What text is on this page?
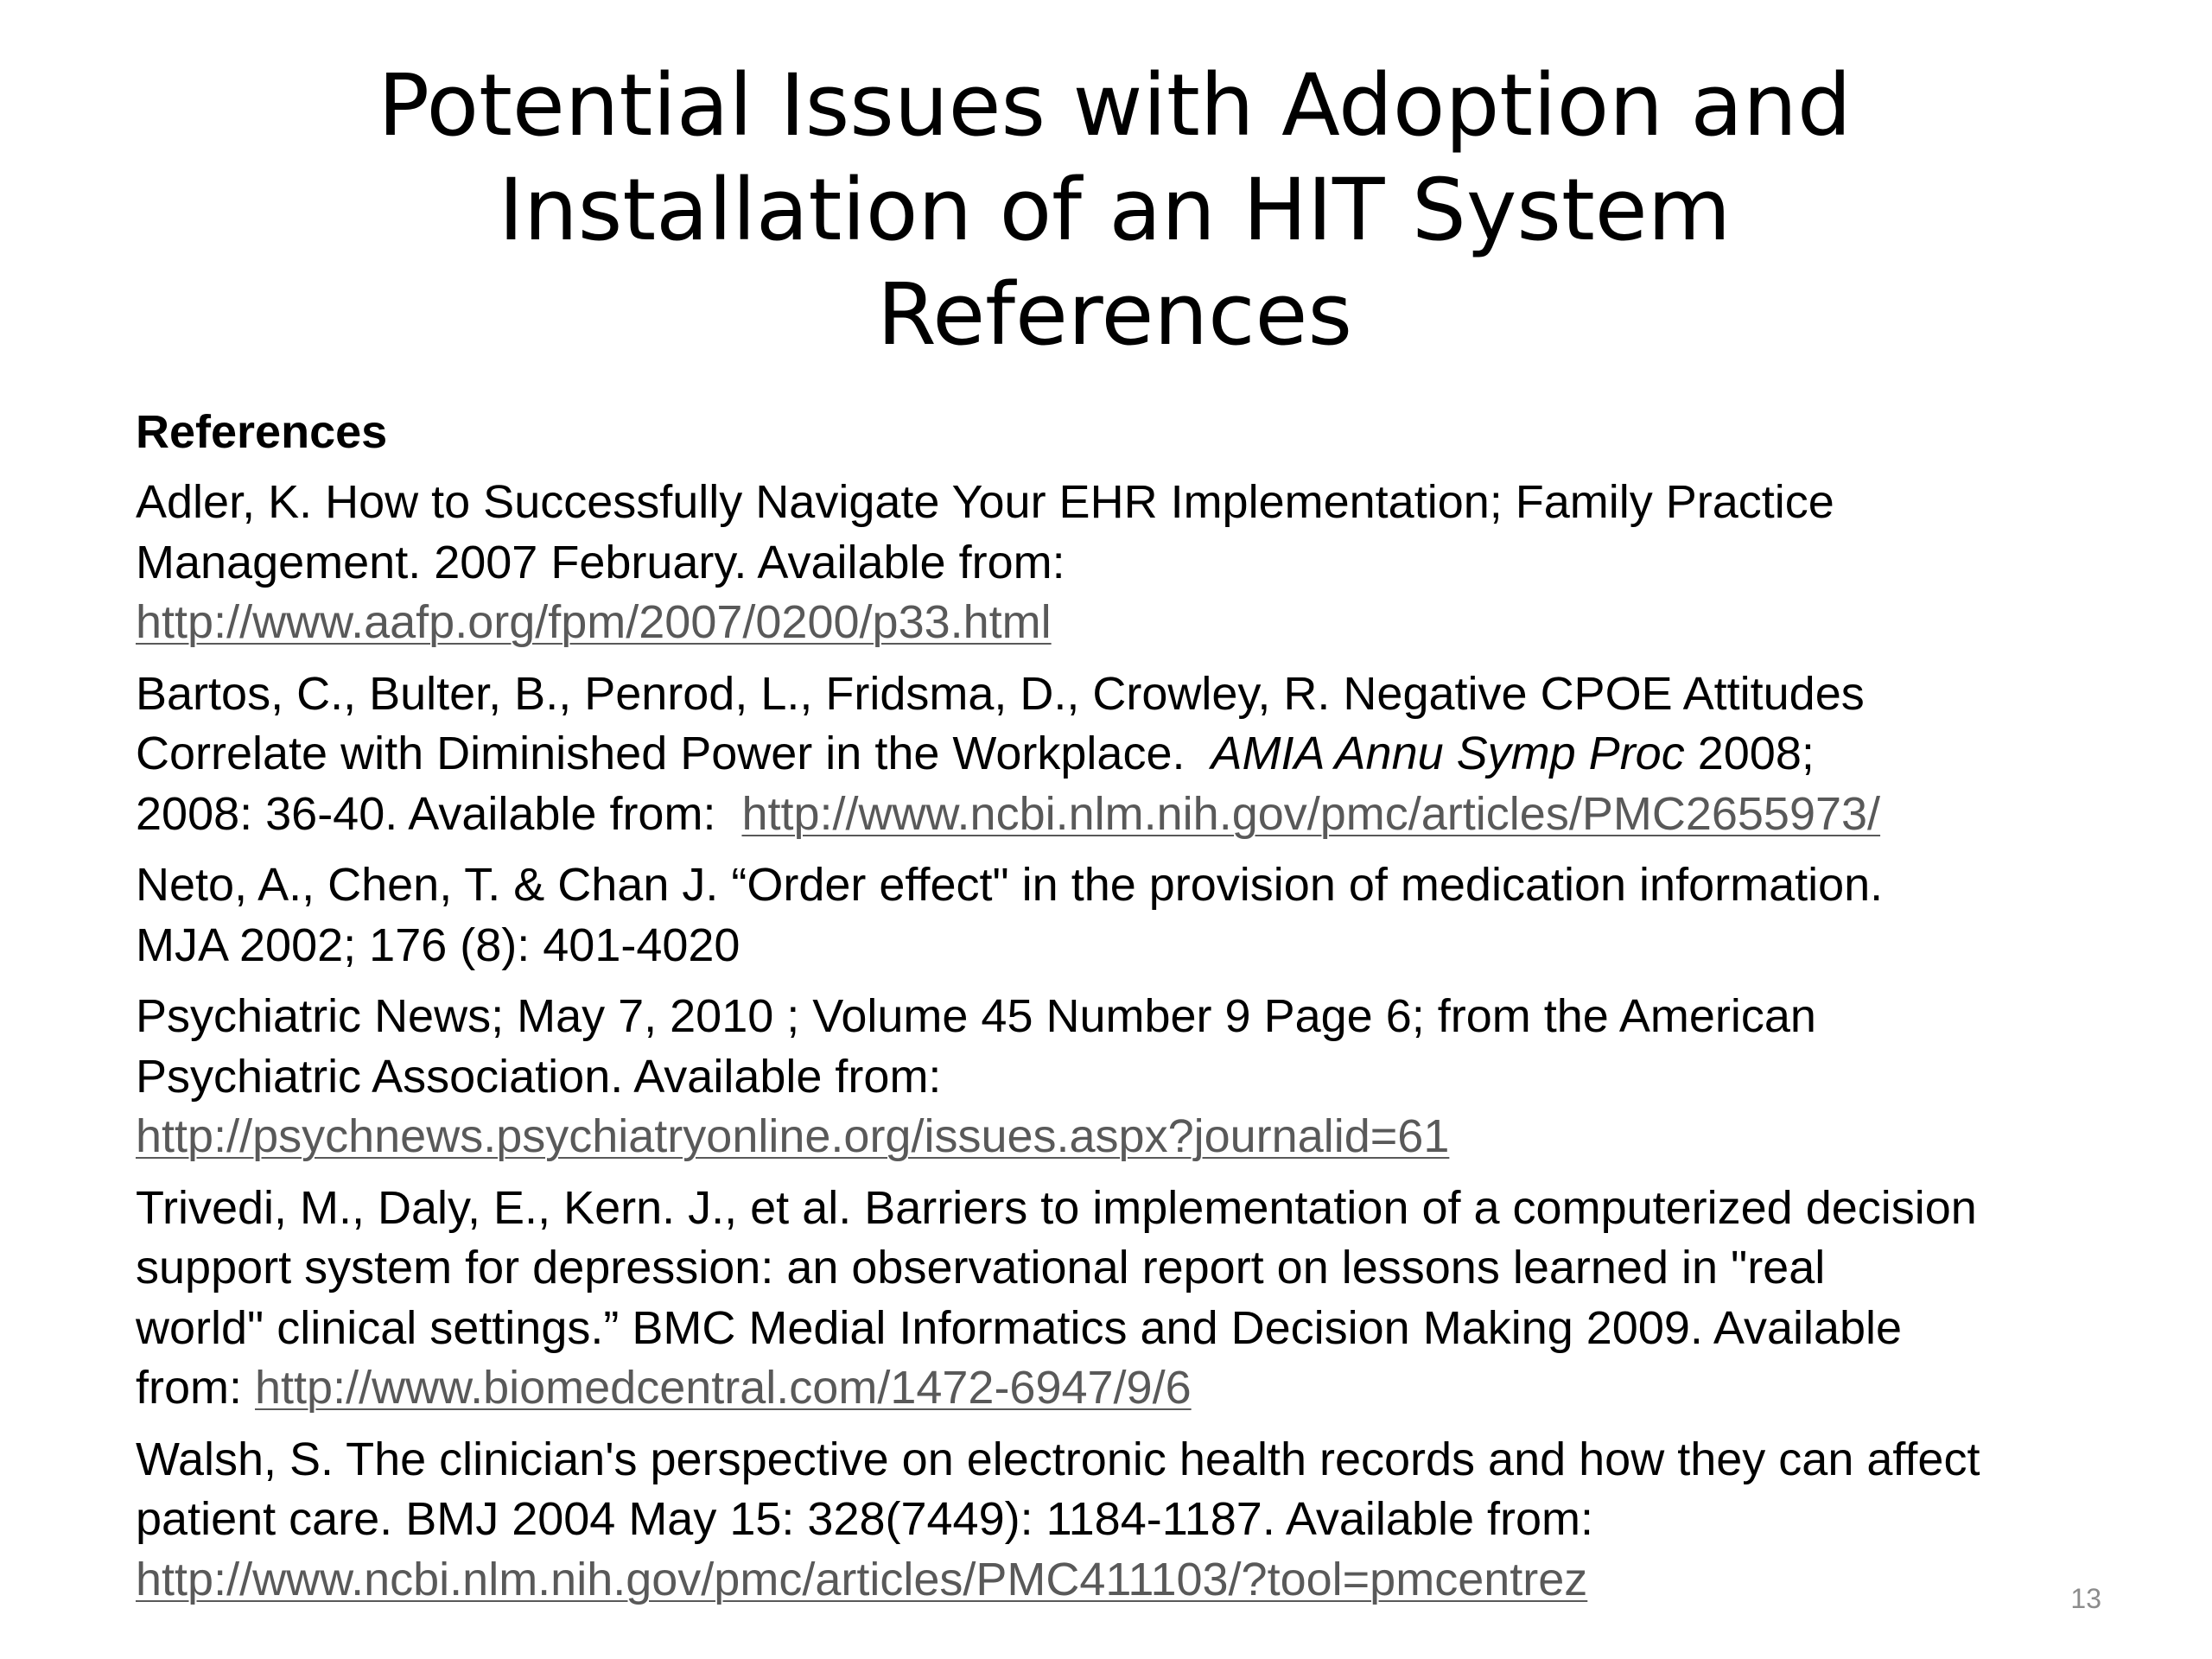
Potential Issues with Adoption and
Installation of an HIT System
References
References
Adler, K. How to Successfully Navigate Your EHR Implementation; Family Practice
Management. 2007 February. Available from:
http://www.aafp.org/fpm/2007/0200/p33.html
Bartos, C., Bulter, B., Penrod, L., Fridsma, D., Crowley, R. Negative CPOE Attitudes
Correlate with Diminished Power in the Workplace.  AMIA Annu Symp Proc 2008;
2008: 36-40. Available from:  http://www.ncbi.nlm.nih.gov/pmc/articles/PMC2655973/
Neto, A., Chen, T. & Chan J. “Order effect" in the provision of medication information.
MJA 2002; 176 (8): 401-4020
Psychiatric News; May 7, 2010 ; Volume 45 Number 9 Page 6; from the American
Psychiatric Association. Available from:
http://psychnews.psychiatryonline.org/issues.aspx?journalid=61
Trivedi, M., Daly, E., Kern. J., et al. Barriers to implementation of a computerized decision
support system for depression: an observational report on lessons learned in "real
world" clinical settings.” BMC Medial Informatics and Decision Making 2009. Available
from: http://www.biomedcentral.com/1472-6947/9/6
Walsh, S. The clinician's perspective on electronic health records and how they can affect
patient care. BMJ 2004 May 15: 328(7449): 1184-1187. Available from:
http://www.ncbi.nlm.nih.gov/pmc/articles/PMC411103/?tool=pmcentrez	13
